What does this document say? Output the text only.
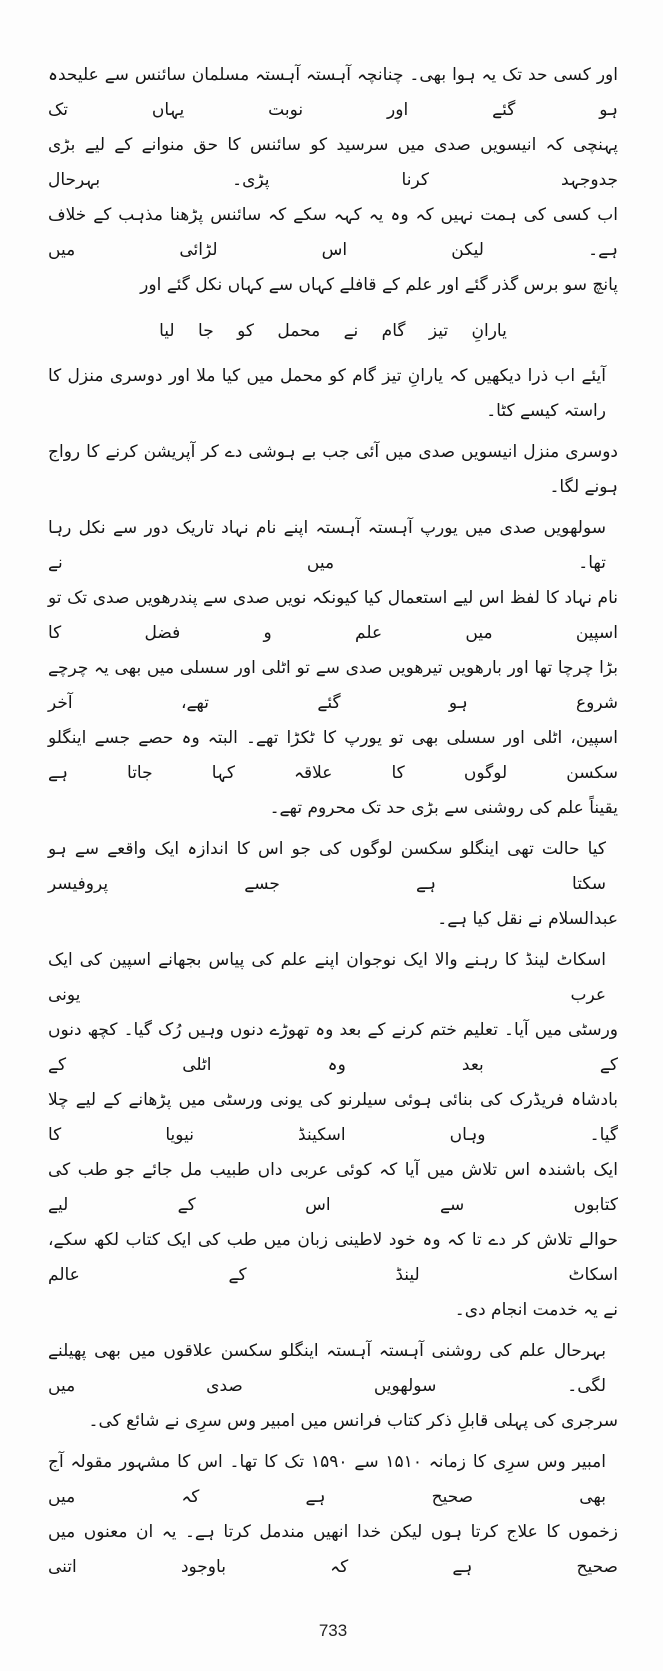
اور کسی حد تک یہ ہوا بھی۔ چنانچہ آہستہ آہستہ مسلمان سائنس سے علیحدہ ہو گئے اور نوبت یہاں تک
پہنچی کہ انیسویں صدی میں سرسید کو سائنس کا حق منوانے کے لیے بڑی جدوجہد کرنا پڑی۔ بہرحال
اب کسی کی ہمت نہیں کہ وہ یہ کہہ سکے کہ سائنس پڑھنا مذہب کے خلاف ہے۔ لیکن اس لڑائی میں
پانچ سو برس گذر گئے اور علم کے قافلے کہاں سے کہاں نکل گئے اور
یارانِ تیز گام نے محمل کو جا لیا
آیئے اب ذرا دیکھیں کہ یارانِ تیز گام کو محمل میں کیا ملا اور دوسری منزل کا راستہ کیسے کٹا۔
دوسری منزل انیسویں صدی میں آئی جب بے ہوشی دے کر آپریشن کرنے کا رواج ہونے لگا۔
سولھویں صدی میں یورپ آہستہ آہستہ اپنے نام نہاد تاریک دور سے نکل رہا تھا۔ میں نے
نام نہاد کا لفظ اس لیے استعمال کیا کیونکہ نویں صدی سے پندرھویں صدی تک تو اسپین میں علم و فضل کا
بڑا چرچا تھا اور بارھویں تیرھویں صدی سے تو اٹلی اور سسلی میں بھی یہ چرچے شروع ہو گئے تھے، آخر
اسپین، اٹلی اور سسلی بھی تو یورپ کا ٹکڑا تھے۔ البتہ وہ حصے جسے اینگلو سکسن لوگوں کا علاقہ کہا جاتا ہے
یقیناً علم کی روشنی سے بڑی حد تک محروم تھے۔
کیا حالت تھی اینگلو سکسن لوگوں کی جو اس کا اندازہ ایک واقعے سے ہو سکتا ہے جسے پروفیسر
عبدالسلام نے نقل کیا ہے۔
اسکاٹ لینڈ کا رہنے والا ایک نوجوان اپنے علم کی پیاس بجھانے اسپین کی ایک عرب یونی
ورسٹی میں آیا۔ تعلیم ختم کرنے کے بعد وہ تھوڑے دنوں وہیں رُک گیا۔ کچھ دنوں کے بعد وہ اٹلی کے
بادشاہ فریڈرک کی بنائی ہوئی سیلرنو کی یونی ورسٹی میں پڑھانے کے لیے چلا گیا۔ وہاں اسکینڈ نیویا کا
ایک باشندہ اس تلاش میں آیا کہ کوئی عربی داں طبیب مل جائے جو طب کی کتابوں سے اس کے لیے
حوالے تلاش کر دے تا کہ وہ خود لاطینی زبان میں طب کی ایک کتاب لکھ سکے، اسکاٹ لینڈ کے عالم
نے یہ خدمت انجام دی۔
بہرحال علم کی روشنی آہستہ آہستہ اینگلو سکسن علاقوں میں بھی پھیلنے لگی۔ سولھویں صدی میں
سرجری کی پہلی قابلِ ذکر کتاب فرانس میں امبیر وس سرِی نے شائع کی۔
امبیر وس سرِی کا زمانہ ۱۵۱۰ سے ۱۵۹۰ تک کا تھا۔ اس کا مشہور مقولہ آج بھی صحیح ہے کہ میں
زخموں کا علاج کرتا ہوں لیکن خدا انھیں مندمل کرتا ہے۔ یہ ان معنوں میں صحیح ہے کہ باوجود اتنی
733
